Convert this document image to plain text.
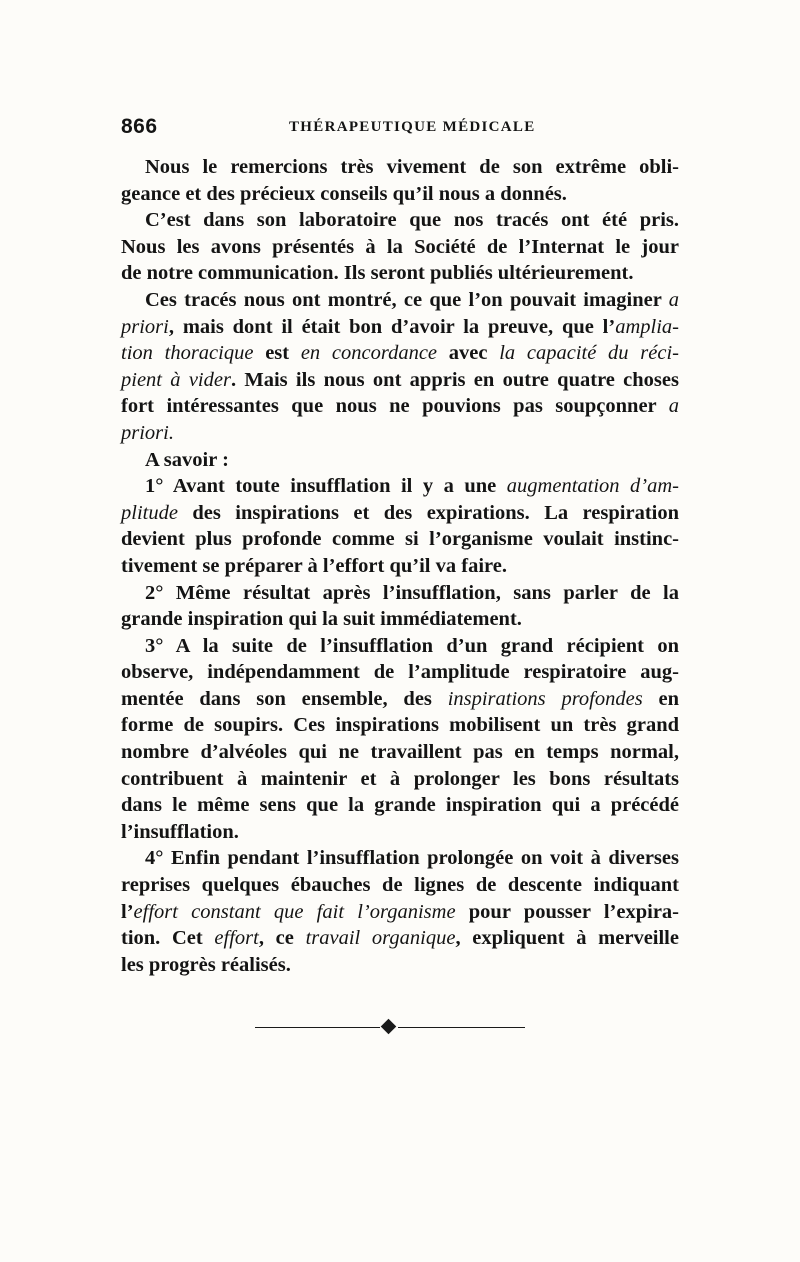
866	THÉRAPEUTIQUE MÉDICALE

Nous le remercions très vivement de son extrême obli-
geance et des précieux conseils qu’il nous a donnés.

C’est dans son laboratoire que nos tracés ont été pris.
Nous les avons présentés à la Société de l’Internat le jour
de notre communication. Ils seront publiés ultérieurement.

Ces tracés nous ont montré, ce que l’on pouvait imaginer a
priori, mais dont il était bon d’avoir la preuve, que l’amplia-
tion thoracique est en concordance avec la capacité du réci-
pient à vider. Mais ils nous ont appris en outre quatre choses
fort intéressantes que nous ne pouvions pas soupçonner a
priori.

A savoir :

1° Avant toute insufflation il y a une augmentation d’am-
plitude des inspirations et des expirations. La respiration
devient plus profonde comme si l’organisme voulait instinc-
tivement se préparer à l’effort qu’il va faire.

2° Même résultat après l’insufflation, sans parler de la
grande inspiration qui la suit immédiatement.

3° A la suite de l’insufflation d’un grand récipient on
observe, indépendamment de l’amplitude respiratoire aug-
mentée dans son ensemble, des inspirations profondes en
forme de soupirs. Ces inspirations mobilisent un très grand
nombre d’alvéoles qui ne travaillent pas en temps normal,
contribuent à maintenir et à prolonger les bons résultats
dans le même sens que la grande inspiration qui a précédé
l’insufflation.

4° Enfin pendant l’insufflation prolongée on voit à diverses
reprises quelques ébauches de lignes de descente indiquant
l’effort constant que fait l’organisme pour pousser l’expira-
tion. Cet effort, ce travail organique, expliquent à merveille
les progrès réalisés.
